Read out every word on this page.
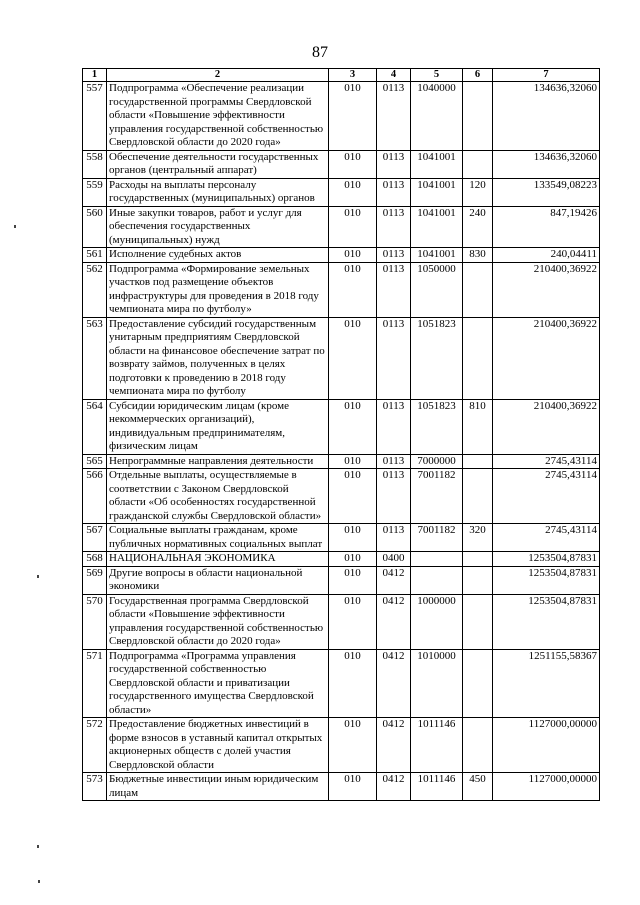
87
1	2	3	4	5	6	7
557	Подпрограмма «Обеспечение реализации государственной программы Свердловской области «Повышение эффективности управления государственной собственностью Свердловской области до 2020 года»	010	0113	1040000		134636,32060
558	Обеспечение деятельности государственных органов (центральный аппарат)	010	0113	1041001		134636,32060
559	Расходы на выплаты персоналу государственных (муниципальных) органов	010	0113	1041001	120	133549,08223
560	Иные закупки товаров, работ и услуг для обеспечения государственных (муниципальных) нужд	010	0113	1041001	240	847,19426
561	Исполнение судебных актов	010	0113	1041001	830	240,04411
562	Подпрограмма «Формирование земельных участков под размещение объектов инфраструктуры для проведения в 2018 году чемпионата мира по футболу»	010	0113	1050000		210400,36922
563	Предоставление субсидий государственным унитарным предприятиям Свердловской области на финансовое обеспечение затрат по возврату займов, полученных в целях подготовки к проведению в 2018 году чемпионата мира по футболу	010	0113	1051823		210400,36922
564	Субсидии юридическим лицам (кроме некоммерческих организаций), индивидуальным предпринимателям, физическим лицам	010	0113	1051823	810	210400,36922
565	Непрограммные направления деятельности	010	0113	7000000		2745,43114
566	Отдельные выплаты, осуществляемые в соответствии с Законом Свердловской области «Об особенностях государственной гражданской службы Свердловской области»	010	0113	7001182		2745,43114
567	Социальные выплаты гражданам, кроме публичных нормативных социальных выплат	010	0113	7001182	320	2745,43114
568	НАЦИОНАЛЬНАЯ ЭКОНОМИКА	010	0400			1253504,87831
569	Другие вопросы в области национальной экономики	010	0412			1253504,87831
570	Государственная программа Свердловской области «Повышение эффективности управления государственной собственностью Свердловской области до 2020 года»	010	0412	1000000		1253504,87831
571	Подпрограмма «Программа управления государственной собственностью Свердловской области и приватизации государственного имущества Свердловской области»	010	0412	1010000		1251155,58367
572	Предоставление бюджетных инвестиций в форме взносов в уставный капитал открытых акционерных обществ с долей участия Свердловской области	010	0412	1011146		1127000,00000
573	Бюджетные инвестиции иным юридическим лицам	010	0412	1011146	450	1127000,00000
